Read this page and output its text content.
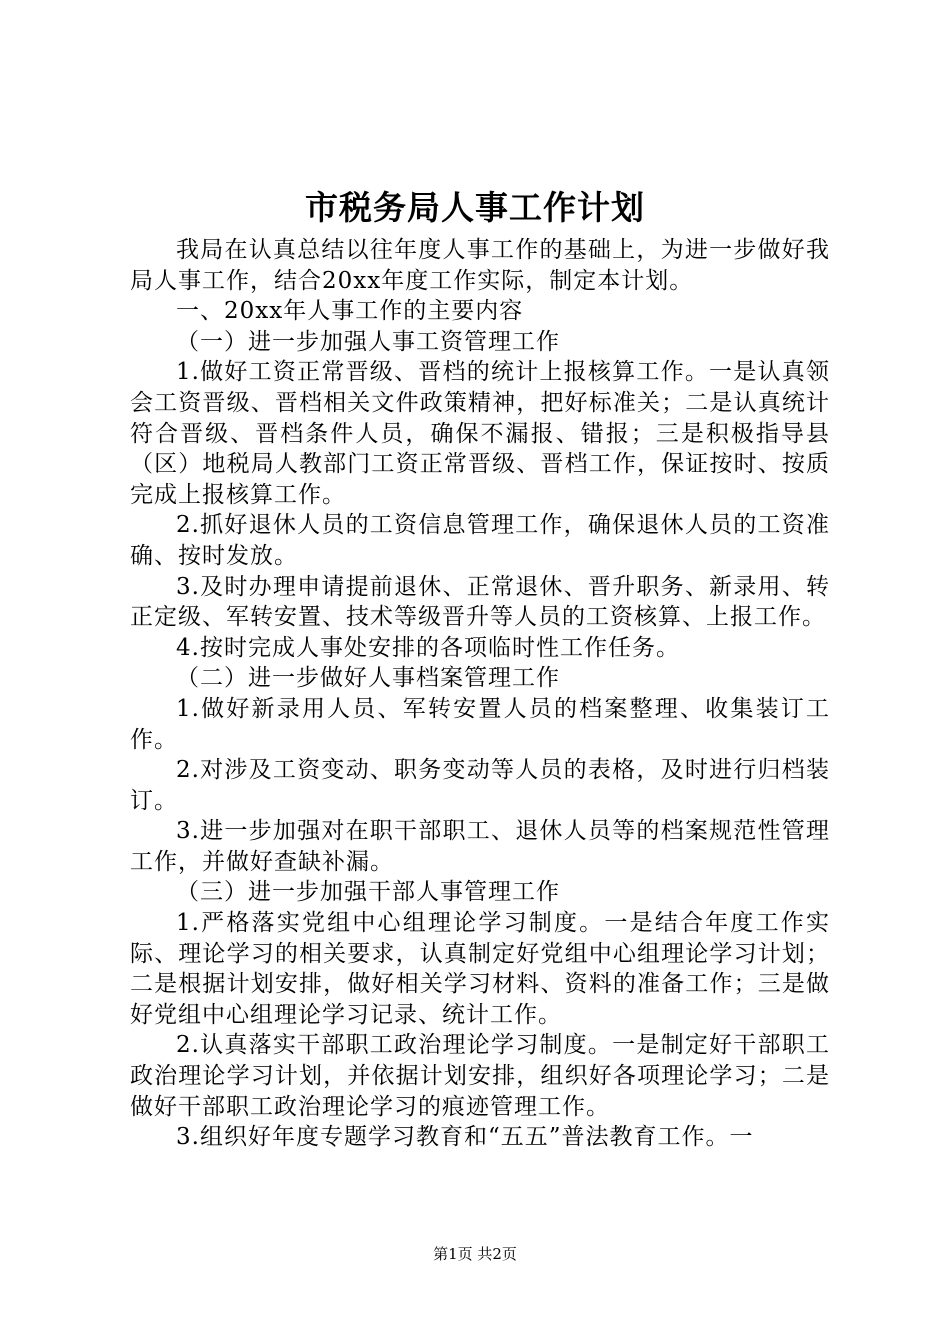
市税务局人事工作计划

我局在认真总结以往年度人事工作的基础上，为进一步做好我局人事工作，结合20xx年度工作实际，制定本计划。

一、20xx年人事工作的主要内容

（一）进一步加强人事工资管理工作

1.做好工资正常晋级、晋档的统计上报核算工作。一是认真领会工资晋级、晋档相关文件政策精神，把好标准关；二是认真统计符合晋级、晋档条件人员，确保不漏报、错报；三是积极指导县（区）地税局人教部门工资正常晋级、晋档工作，保证按时、按质完成上报核算工作。

2.抓好退休人员的工资信息管理工作，确保退休人员的工资准确、按时发放。

3.及时办理申请提前退休、正常退休、晋升职务、新录用、转正定级、军转安置、技术等级晋升等人员的工资核算、上报工作。

4.按时完成人事处安排的各项临时性工作任务。

（二）进一步做好人事档案管理工作

1.做好新录用人员、军转安置人员的档案整理、收集装订工作。

2.对涉及工资变动、职务变动等人员的表格，及时进行归档装订。

3.进一步加强对在职干部职工、退休人员等的档案规范性管理工作，并做好查缺补漏。

（三）进一步加强干部人事管理工作

1.严格落实党组中心组理论学习制度。一是结合年度工作实际、理论学习的相关要求，认真制定好党组中心组理论学习计划；二是根据计划安排，做好相关学习材料、资料的准备工作；三是做好党组中心组理论学习记录、统计工作。

2.认真落实干部职工政治理论学习制度。一是制定好干部职工政治理论学习计划，并依据计划安排，组织好各项理论学习；二是做好干部职工政治理论学习的痕迹管理工作。

3.组织好年度专题学习教育和“五五”普法教育工作。一

第1页 共2页
